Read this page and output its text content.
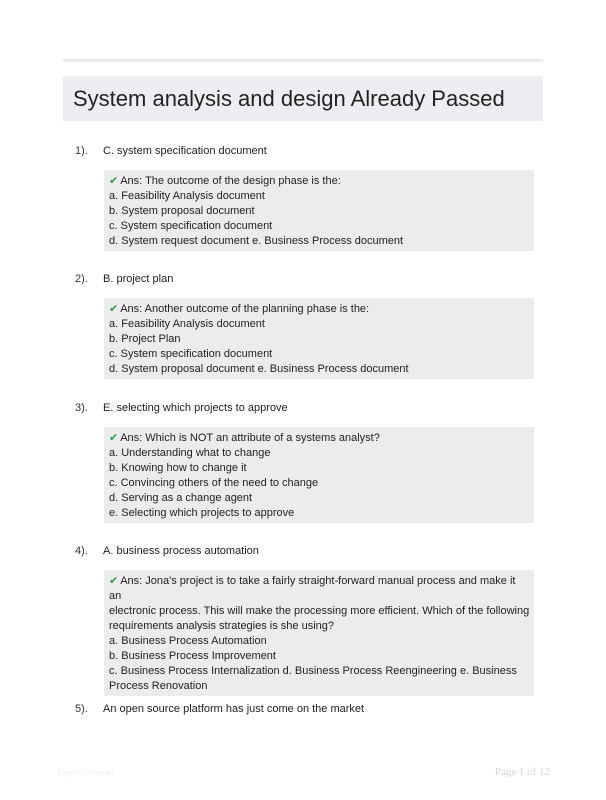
System analysis and design Already Passed
1). C. system specification document
✔ Ans: The outcome of the design phase is the:
a. Feasibility Analysis document
b. System proposal document
c. System specification document
d. System request document e. Business Process document
2). B. project plan
✔ Ans: Another outcome of the planning phase is the:
a. Feasibility Analysis document
b. Project Plan
c. System specification document
d. System proposal document e. Business Process document
3). E. selecting which projects to approve
✔ Ans: Which is NOT an attribute of a systems analyst?
a. Understanding what to change
b. Knowing how to change it
c. Convincing others of the need to change
d. Serving as a change agent
e. Selecting which projects to approve
4). A. business process automation
✔ Ans: Jona's project is to take a fairly straight-forward manual process and make it an
electronic process. This will make the processing more efficient. Which of the following
requirements analysis strategies is she using?
a. Business Process Automation
b. Business Process Improvement
c. Business Process Internalization d. Business Process Reengineering e. Business
Process Renovation
5). An open source platform has just come on the market
PaperStitic.com	Page 1 of 12
